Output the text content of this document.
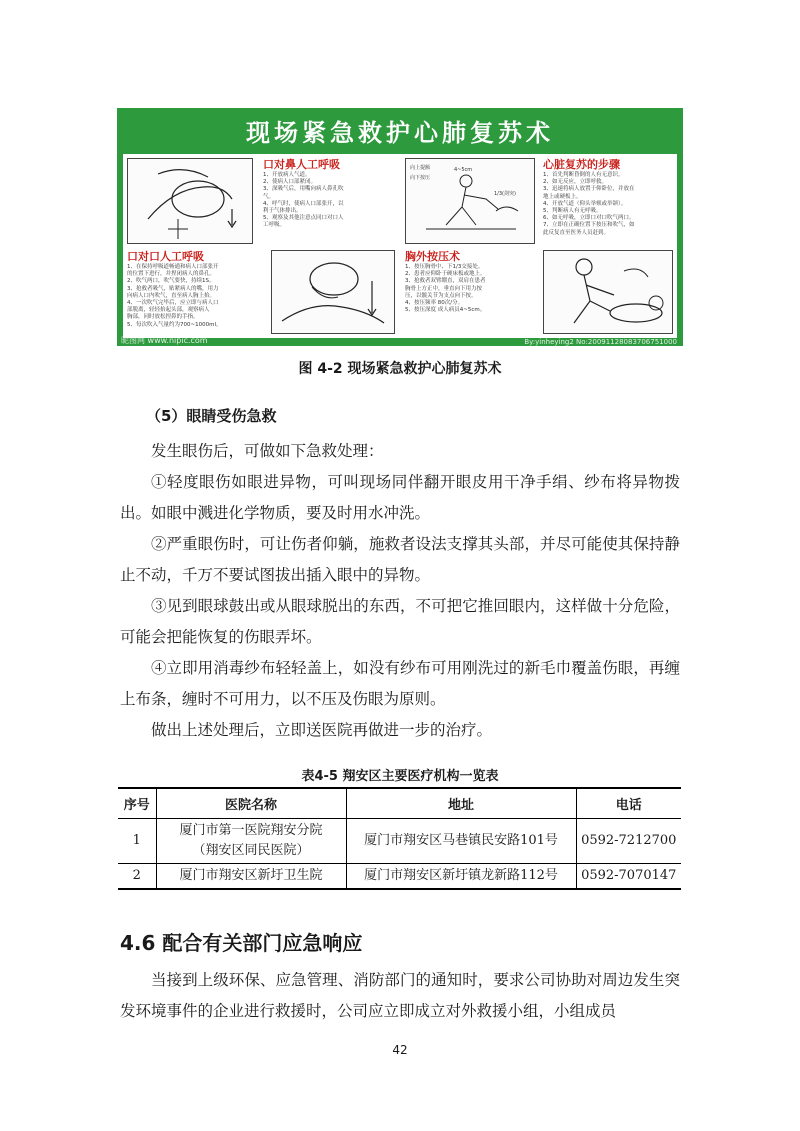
现场紧急救护心肺复苏术
口对鼻人工呼吸
1、开放病人气道。
2、使病人口部紧闭。
3、深吸气后，用嘴向病人鼻孔吹
气。
4、呼气时，使病人口部张开，以
利于气体排出。
5、观察及其他注意点同口对口人
工呼吸。
向上提额	4~5cm
向下按压
1/3(剑突)
心脏复苏的步骤
1、首先判断昏倒的人有无意识。
2、如无反应，立即呼救。
3、迅速将病人放置于仰卧位，并放在
地上或硬板上。
4、开放气道（仰头举颏或举颌）。
5、判断病人有无呼吸。
6、如无呼吸，立即口对口吹气两口。
7、立即在正确位置下按压和吹气，如
此反复直至医务人员赶到。
口对口人工呼吸
1、在保持呼吸道畅通和病人口部张开
的位置下进行，并捏闭病人的鼻孔。
2、吹气两口，吹气要快，持续1S。
3、抢救者吸气，贴紧病人的嘴，用力
向病人口内吹气，直至病人胸上抬。
4、一次吹气完毕后，应立即与病人口
部脱离，轻轻抬起头部，观察病人
胸部，同时放松捏鼻的手指。
5、每次吹入气量约为700~1000ml。
胸外按压术
1、按压胸骨中、下1/3交接处。
2、患者应仰卧于硬床板或地上。
3、抢救者双臂绷直，双肩在患者
胸骨上方正中，垂直向下用力按
压，以髋关节为支点向下按。
4、按压频率 80次/分。
5、按压深度 成人病员4~5cm。
昵图网 www.nipic.com	By:yinheying2 No:20091128083706751000
图 4-2 现场紧急救护心肺复苏术
（5）眼睛受伤急救

发生眼伤后，可做如下急救处理：

①轻度眼伤如眼进异物，可叫现场同伴翻开眼皮用干净手绢、纱布将异物拨出。如眼中溅进化学物质，要及时用水冲洗。

②严重眼伤时，可让伤者仰躺，施救者设法支撑其头部，并尽可能使其保持静止不动，千万不要试图拔出插入眼中的异物。

③见到眼球鼓出或从眼球脱出的东西，不可把它推回眼内，这样做十分危险，可能会把能恢复的伤眼弄坏。

④立即用消毒纱布轻轻盖上，如没有纱布可用刚洗过的新毛巾覆盖伤眼，再缠上布条，缠时不可用力，以不压及伤眼为原则。

做出上述处理后，立即送医院再做进一步的治疗。

表4-5 翔安区主要医疗机构一览表
序号	医院名称	地址	电话
1	厦门市第一医院翔安分院
（翔安区同民医院）	厦门市翔安区马巷镇民安路101号	0592-7212700
2	厦门市翔安区新圩卫生院	厦门市翔安区新圩镇龙新路112号	0592-7070147
4.6 配合有关部门应急响应

当接到上级环保、应急管理、消防部门的通知时，要求公司协助对周边发生突发环境事件的企业进行救援时，公司应立即成立对外救援小组，小组成员

42
